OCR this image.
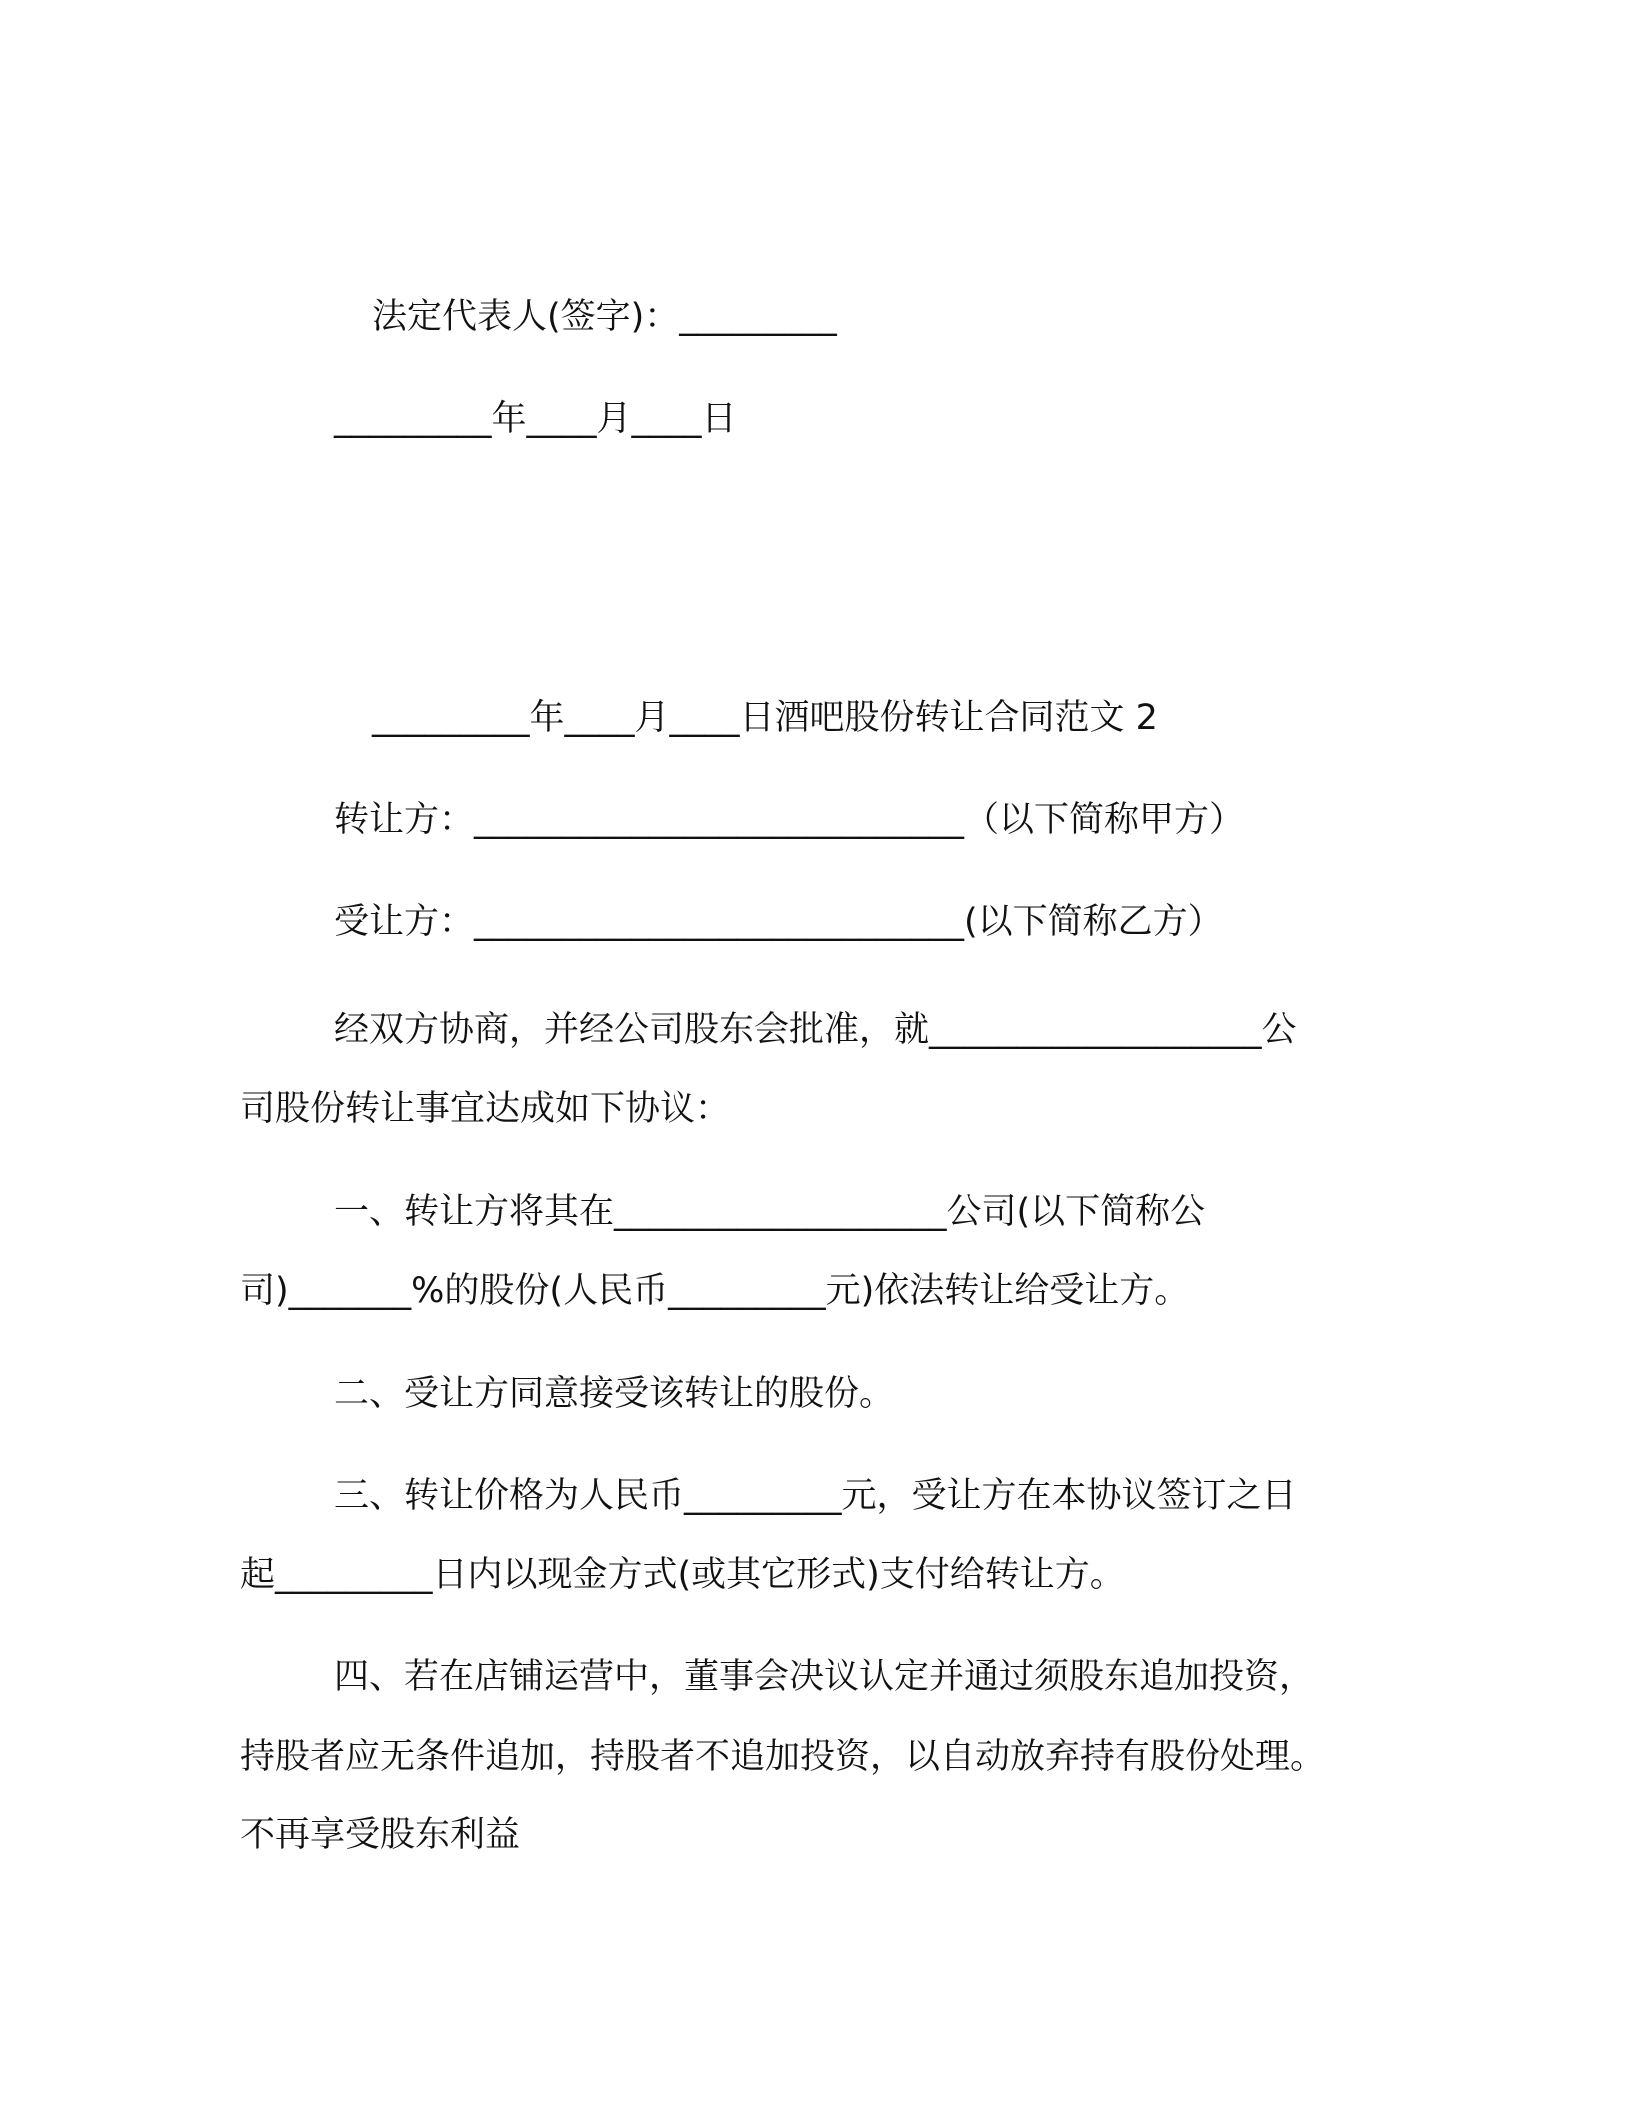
法定代表人(签字)：_________
_________年____月____日
_________年____月____日酒吧股份转让合同范文 2
转让方：____________________________（以下简称甲方）
受让方：____________________________(以下简称乙方）
经双方协商，并经公司股东会批准，就___________________公
司股份转让事宜达成如下协议：
一、转让方将其在___________________公司(以下简称公
司)_______%的股份(人民币_________元)依法转让给受让方。
二、受让方同意接受该转让的股份。
三、转让价格为人民币_________元，受让方在本协议签订之日
起_________日内以现金方式(或其它形式)支付给转让方。
四、若在店铺运营中，董事会决议认定并通过须股东追加投资，
持股者应无条件追加，持股者不追加投资，以自动放弃持有股份处理。
不再享受股东利益
